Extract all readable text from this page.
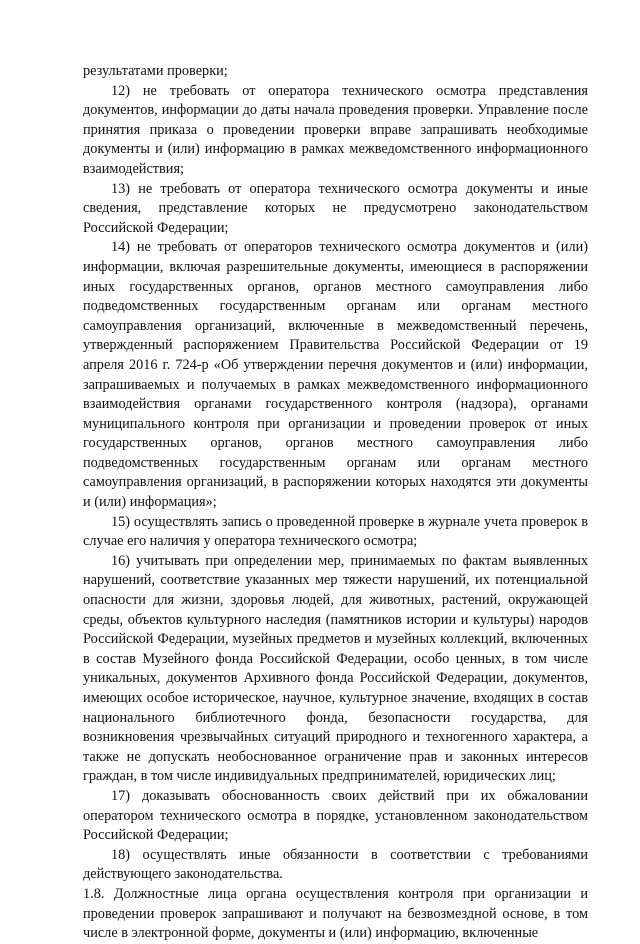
результатами проверки;

12) не требовать от оператора технического осмотра представления документов, информации до даты начала проведения проверки. Управление после принятия приказа о проведении проверки вправе запрашивать необходимые документы и (или) информацию в рамках межведомственного информационного взаимодействия;

13) не требовать от оператора технического осмотра документы и иные сведения, представление которых не предусмотрено законодательством Российской Федерации;

14) не требовать от операторов технического осмотра документов и (или) информации, включая разрешительные документы, имеющиеся в распоряжении иных государственных органов, органов местного самоуправления либо подведомственных государственным органам или органам местного самоуправления организаций, включенные в межведомственный перечень, утвержденный распоряжением Правительства Российской Федерации от 19 апреля 2016 г. 724-р «Об утверждении перечня документов и (или) информации, запрашиваемых и получаемых в рамках межведомственного информационного взаимодействия органами государственного контроля (надзора), органами муниципального контроля при организации и проведении проверок от иных государственных органов, органов местного самоуправления либо подведомственных государственным органам или органам местного самоуправления организаций, в распоряжении которых находятся эти документы и (или) информация»;

15) осуществлять запись о проведенной проверке в журнале учета проверок в случае его наличия у оператора технического осмотра;

16) учитывать при определении мер, принимаемых по фактам выявленных нарушений, соответствие указанных мер тяжести нарушений, их потенциальной опасности для жизни, здоровья людей, для животных, растений, окружающей среды, объектов культурного наследия (памятников истории и культуры) народов Российской Федерации, музейных предметов и музейных коллекций, включенных в состав Музейного фонда Российской Федерации, особо ценных, в том числе уникальных, документов Архивного фонда Российской Федерации, документов, имеющих особое историческое, научное, культурное значение, входящих в состав национального библиотечного фонда, безопасности государства, для возникновения чрезвычайных ситуаций природного и техногенного характера, а также не допускать необоснованное ограничение прав и законных интересов граждан, в том числе индивидуальных предпринимателей, юридических лиц;

17) доказывать обоснованность своих действий при их обжаловании оператором технического осмотра в порядке, установленном законодательством Российской Федерации;

18) осуществлять иные обязанности в соответствии с требованиями действующего законодательства.

1.8. Должностные лица органа осуществления контроля при организации и проведении проверок запрашивают и получают на безвозмездной основе, в том числе в электронной форме, документы и (или) информацию, включенные
